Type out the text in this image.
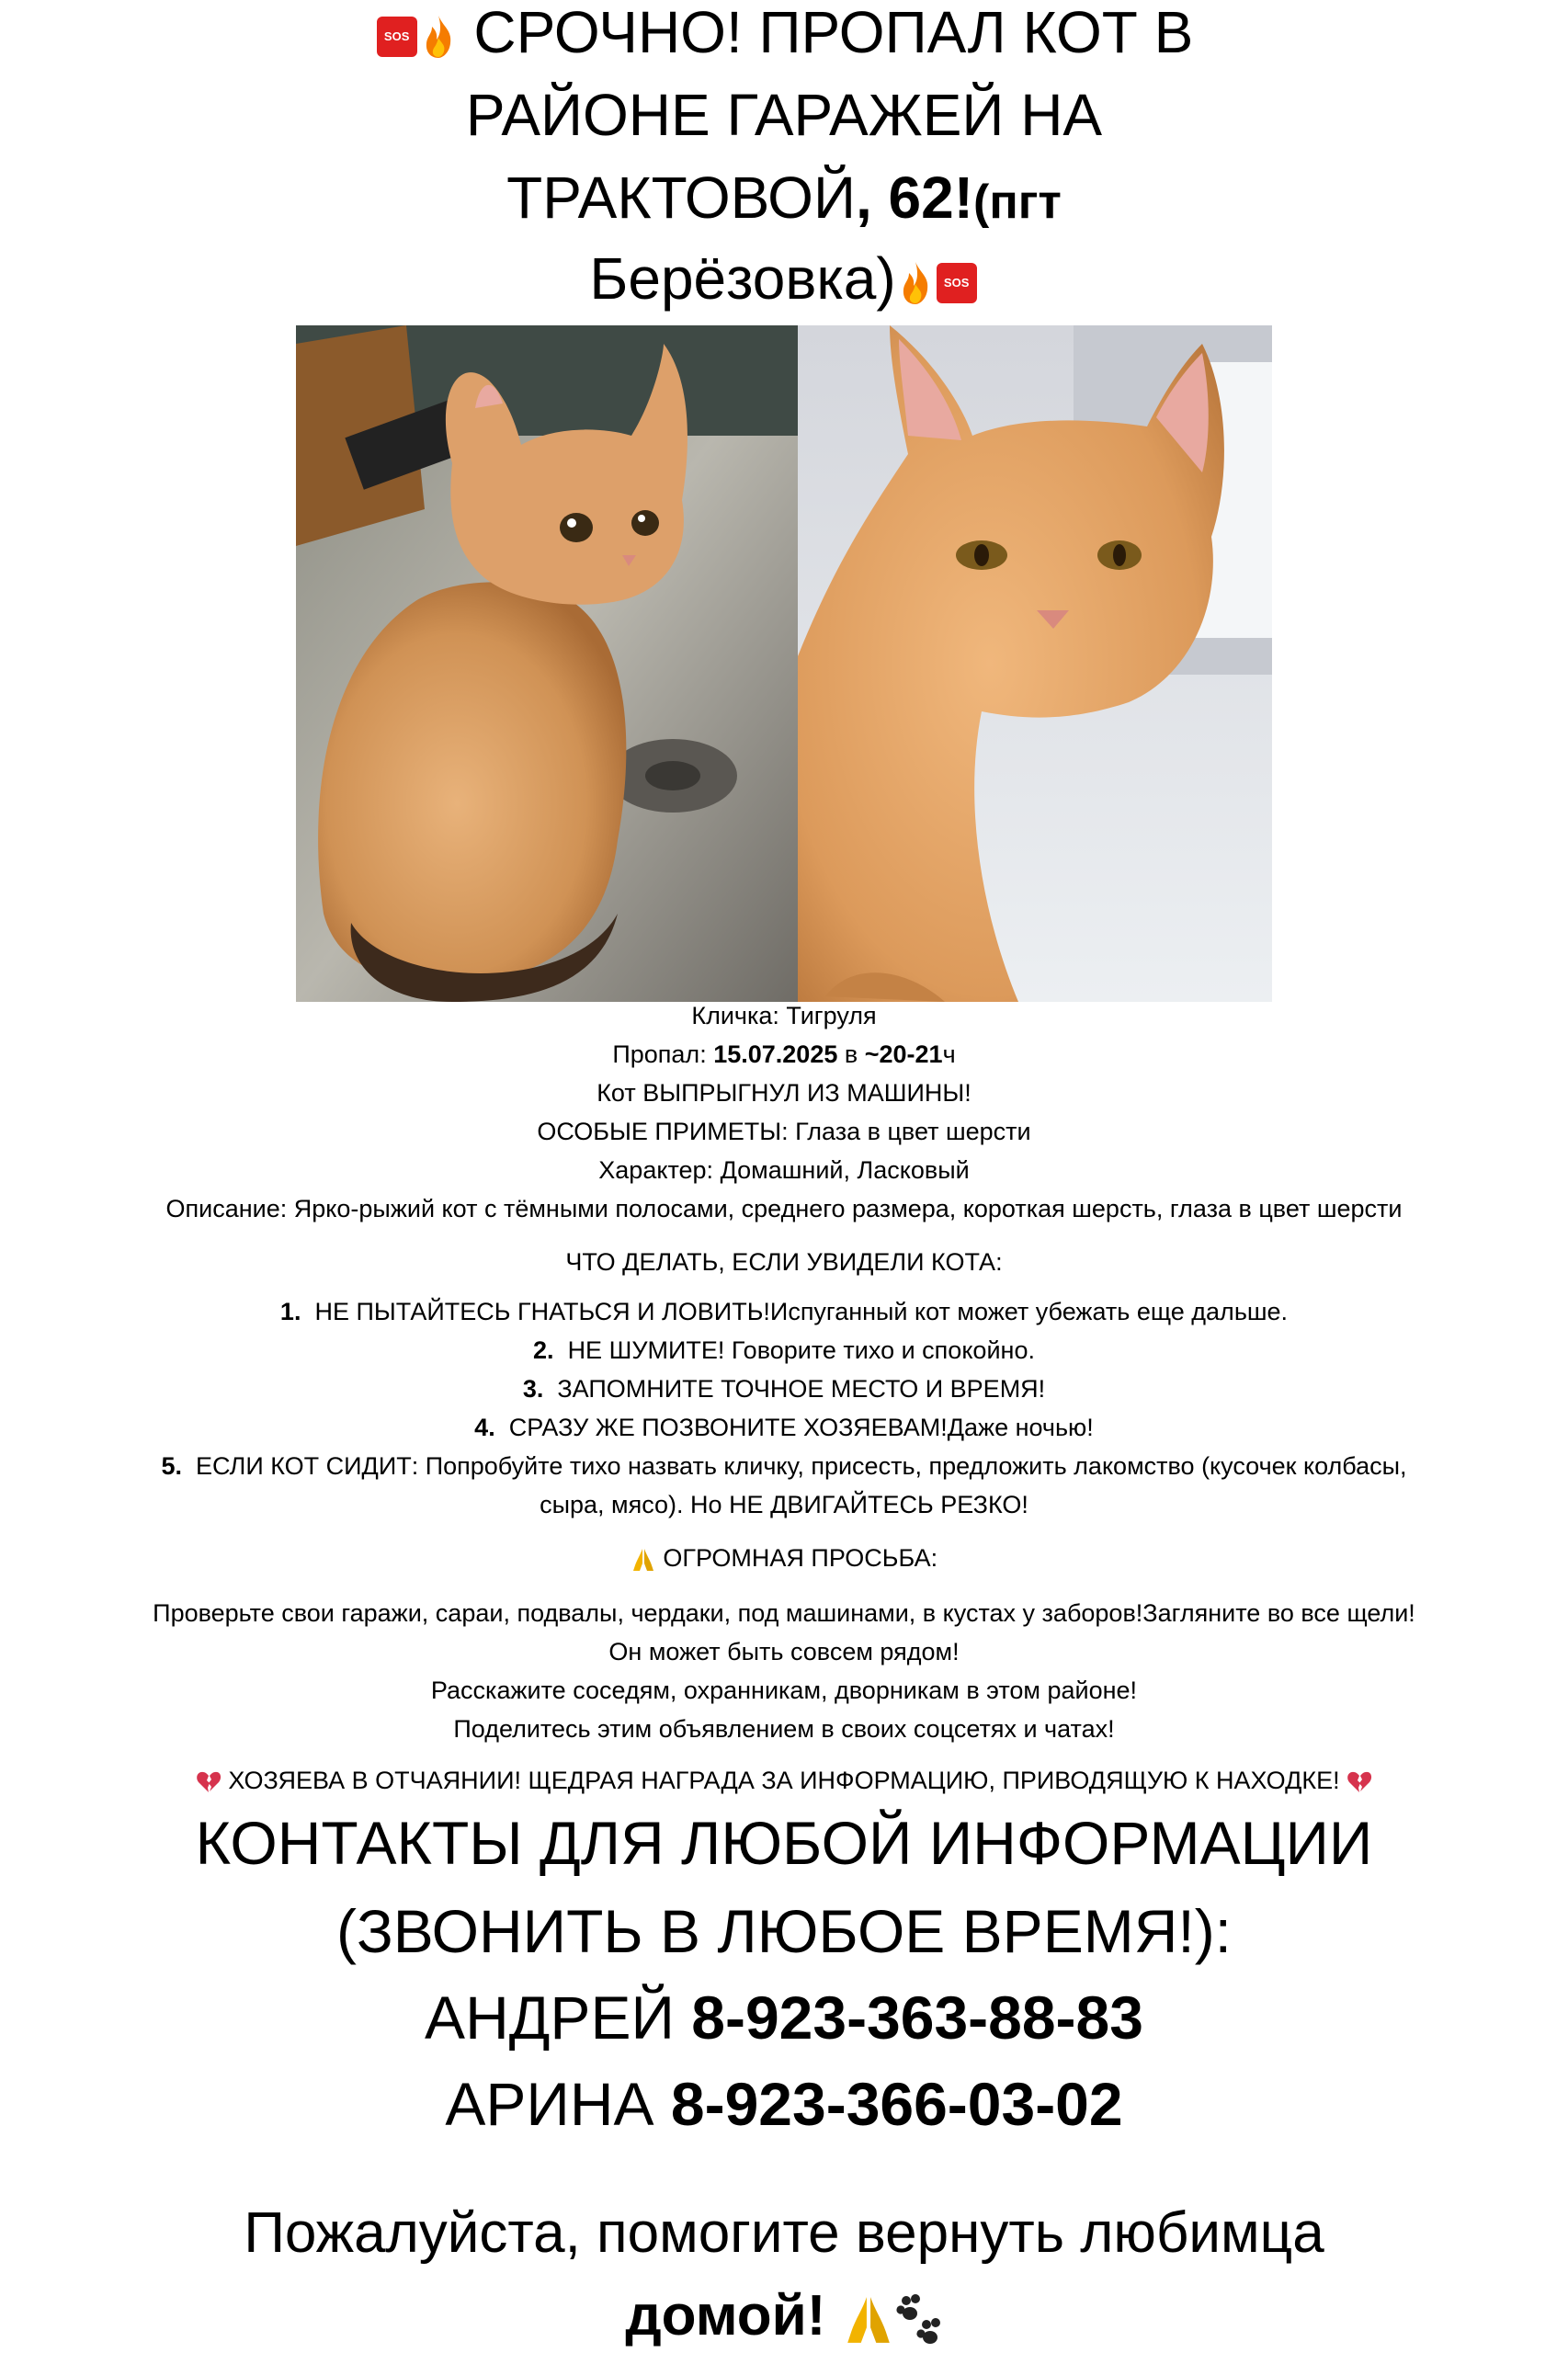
SOS СРОЧНО! ПРОПАЛ КОТ В
РАЙОНЕ ГАРАЖЕЙ НА
ТРАКТОВОЙ, 62!(пгт
Берёзовка)	SOS
Кличка: Тигруля
Пропал: 15.07.2025 в ~20-21ч
Кот ВЫПРЫГНУЛ ИЗ МАШИНЫ!
ОСОБЫЕ ПРИМЕТЫ: Глаза в цвет шерсти
Характер: Домашний, Ласковый
Описание: Ярко-рыжий кот с тёмными полосами, среднего размера, короткая шерсть, глаза в цвет шерсти
ЧТО ДЕЛАТЬ, ЕСЛИ УВИДЕЛИ КОТА:
1. НЕ ПЫТАЙТЕСЬ ГНАТЬСЯ И ЛОВИТЬ!Испуганный кот может убежать еще дальше.
2. НЕ ШУМИТЕ! Говорите тихо и спокойно.
3. ЗАПОМНИТЕ ТОЧНОЕ МЕСТО И ВРЕМЯ!
4. СРАЗУ ЖЕ ПОЗВОНИТЕ ХОЗЯЕВАМ!Даже ночью!
5. ЕСЛИ КОТ СИДИТ: Попробуйте тихо назвать кличку, присесть, предложить лакомство (кусочек колбасы,
сыра, мясо). Но НЕ ДВИГАЙТЕСЬ РЕЗКО!
ОГРОМНАЯ ПРОСЬБА:
Проверьте свои гаражи, сараи, подвалы, чердаки, под машинами, в кустах у заборов!Загляните во все щели!
Он может быть совсем рядом!
Расскажите соседям, охранникам, дворникам в этом районе!
Поделитесь этим объявлением в своих соцсетях и чатах!
ХОЗЯЕВА В ОТЧАЯНИИ! ЩЕДРАЯ НАГРАДА ЗА ИНФОРМАЦИЮ, ПРИВОДЯЩУЮ К НАХОДКЕ!
КОНТАКТЫ ДЛЯ ЛЮБОЙ ИНФОРМАЦИИ
(ЗВОНИТЬ В ЛЮБОЕ ВРЕМЯ!):
АНДРЕЙ 8-923-363-88-83
АРИНА 8-923-366-03-02
Пожалуйста, помогите вернуть любимца
домой!
